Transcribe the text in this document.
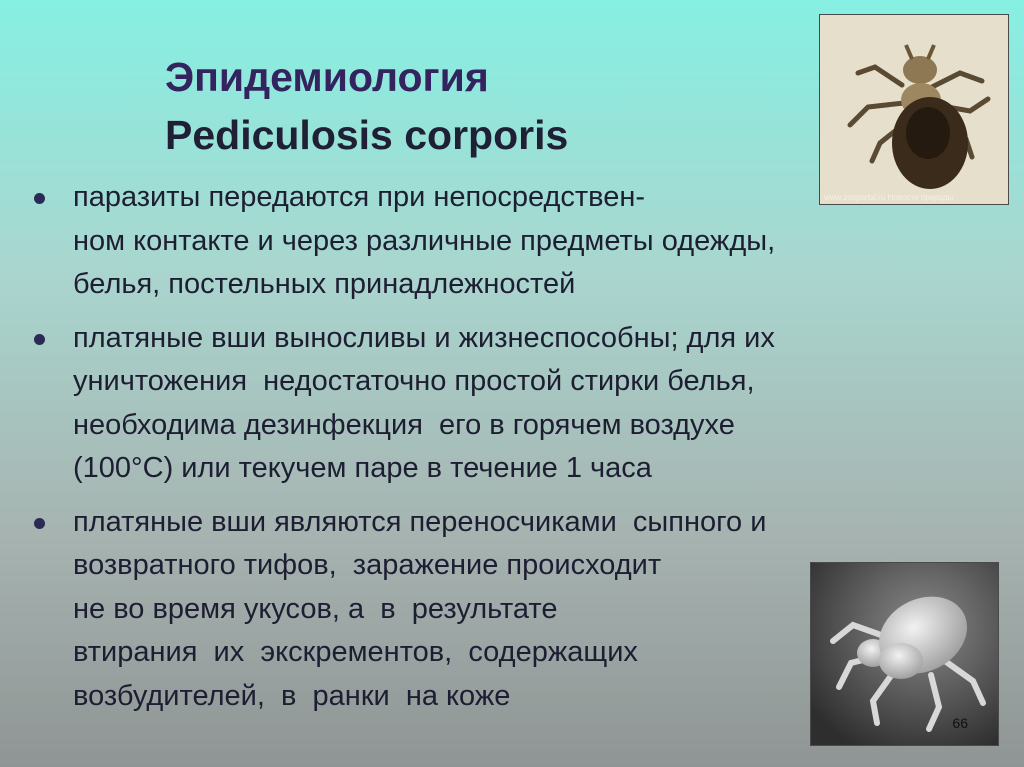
Эпидемиология
Pediculosis corporis
www.zooportal.ru Новости природы
паразиты передаются при непосредствен-
ном контакте и через различные предметы одежды,
белья, постельных принадлежностей
платяные вши выносливы и жизнеспособны; для их
уничтожения  недостаточно простой стирки белья,
необходима дезинфекция  его в горячем воздухе
(100°С) или текучем паре в течение 1 часа
платяные вши являются переносчиками  сыпного и
возвратного тифов,  заражение происходит
не во время укусов, а  в  результате
втирания  их  экскрементов,  содержащих
возбудителей,  в  ранки  на коже
66
